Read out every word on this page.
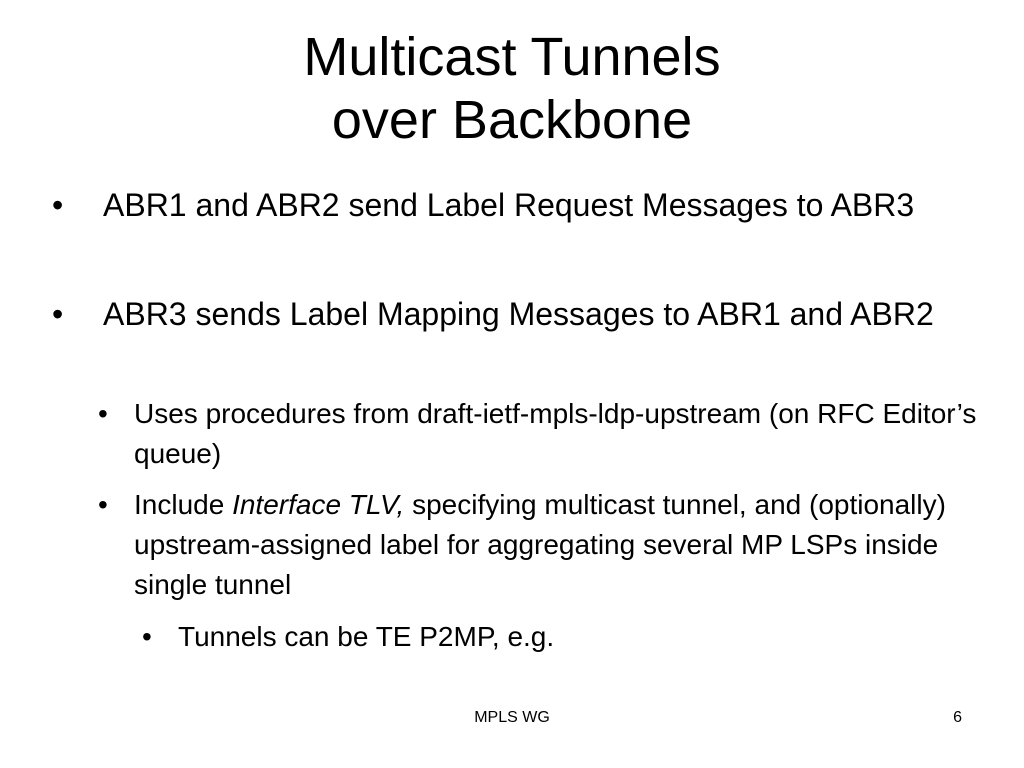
Multicast Tunnels
over Backbone
•	ABR1 and ABR2 send Label Request Messages to ABR3
•	ABR3 sends Label Mapping Messages to ABR1 and ABR2
• Uses procedures from draft-ietf-mpls-ldp-upstream (on RFC Editor’s queue)
• Include Interface TLV, specifying multicast tunnel, and (optionally) upstream-assigned label for aggregating several MP LSPs inside single tunnel
• Tunnels can be TE P2MP, e.g.
MPLS WG	6
